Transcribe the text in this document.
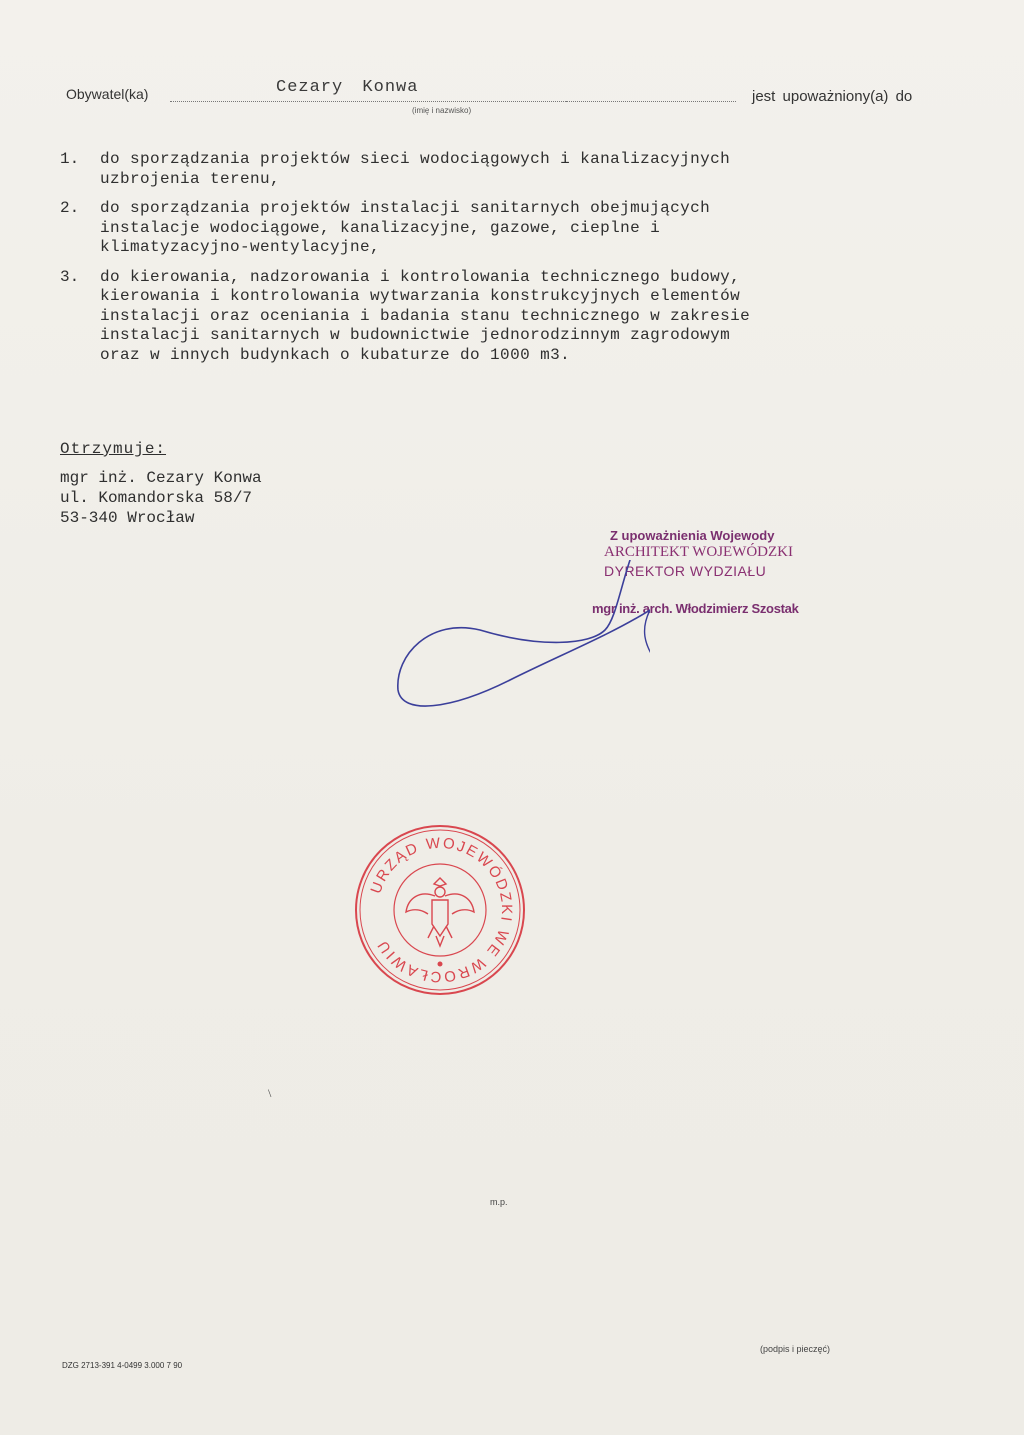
Obywatel(ka)	Cezary Konwa
(imię i nazwisko)
jest upoważniony(a) do
1. do sporządzania projektów sieci wodociągowych i kanalizacyjnych
uzbrojenia terenu,
2. do sporządzania projektów instalacji sanitarnych obejmujących
instalacje wodociągowe, kanalizacyjne, gazowe, cieplne i
klimatyzacyjno-wentylacyjne,
3. do kierowania, nadzorowania i kontrolowania technicznego budowy,
kierowania i kontrolowania wytwarzania konstrukcyjnych elementów
instalacji oraz oceniania i badania stanu technicznego w zakresie
instalacji sanitarnych w budownictwie jednorodzinnym zagrodowym
oraz w innych budynkach o kubaturze do 1000 m3.
Otrzymuje:
mgr inż. Cezary Konwa
ul. Komandorska 58/7
53-340 Wrocław
Z upoważnienia Wojewody
ARCHITEKT WOJEWÓDZKI
DYREKTOR WYDZIAŁU
mgr inż. arch. Włodzimierz Szostak
URZĄD WOJEWÓDZKI WE WROCŁAWIU
\
m.p.
(podpis i pieczęć)
DZG 2713-391 4-0499 3.000 7 90
